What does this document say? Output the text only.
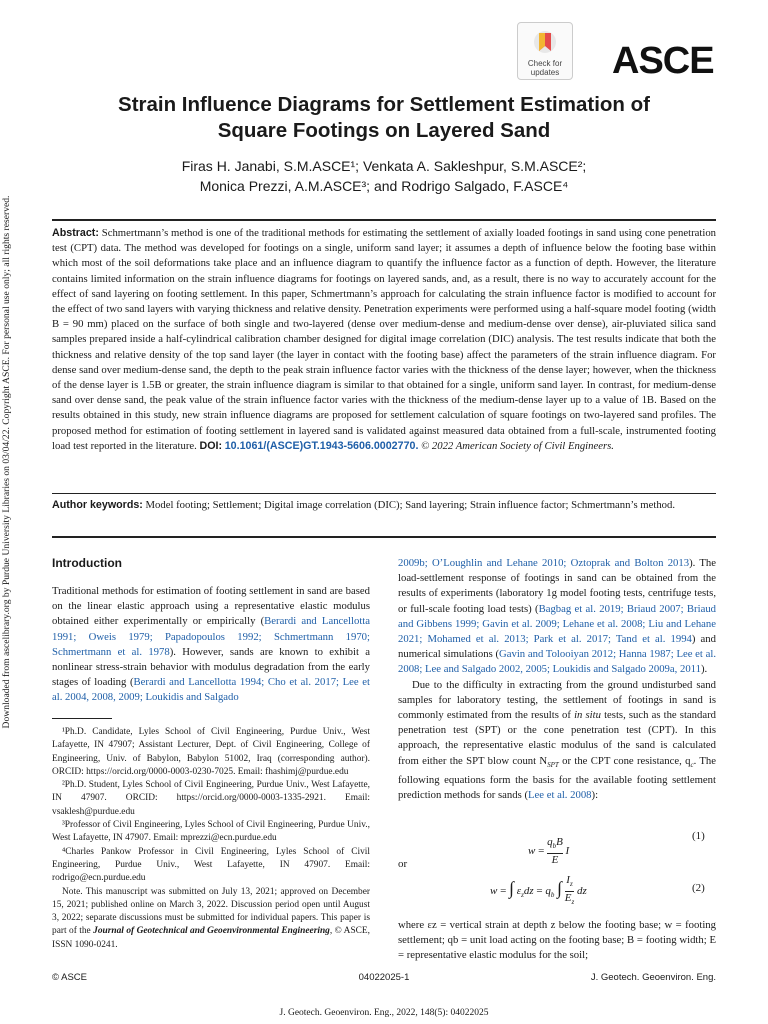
Downloaded from ascelibrary.org by Purdue University Libraries on 03/04/22. Copyright ASCE. For personal use only; all rights reserved.
Check for updates	ASCE
Strain Influence Diagrams for Settlement Estimation of Square Footings on Layered Sand
Firas H. Janabi, S.M.ASCE¹; Venkata A. Sakleshpur, S.M.ASCE²;
Monica Prezzi, A.M.ASCE³; and Rodrigo Salgado, F.ASCE⁴
Abstract: Schmertmann’s method is one of the traditional methods for estimating the settlement of axially loaded footings in sand using cone penetration test (CPT) data. The method was developed for footings on a single, uniform sand layer; it assumes a depth of influence below the footing base within which most of the soil deformations take place and an influence diagram to quantify the influence factor as a function of depth. However, the literature contains limited information on the strain influence diagrams for footings on layered sands, and, as a result, there is no way to accurately account for the effect of sand layering on footing settlement. In this paper, Schmertmann’s approach for calculating the strain influence factor is modified to account for the effect of two sand layers with varying thickness and relative density. Penetration experiments were performed using a half-square model footing (width B = 90 mm) placed on the surface of both single and two-layered (dense over medium-dense and medium-dense over dense), air-pluviated silica sand samples prepared inside a half-cylindrical calibration chamber designed for digital image correlation (DIC) analysis. The test results indicate that both the thickness and relative density of the top sand layer (the layer in contact with the footing base) affect the parameters of the strain influence diagram. For dense sand over medium-dense sand, the depth to the peak strain influence factor varies with the thickness of the dense layer; however, when the thickness of the dense layer is 1.5B or greater, the strain influence diagram is similar to that obtained for a single, uniform sand layer. In contrast, for medium-dense sand over dense sand, the peak value of the strain influence factor varies with the thickness of the medium-dense layer up to a value of 1B. Based on the results obtained in this study, new strain influence diagrams are proposed for settlement calculation of square footings on two-layered sand profiles. The proposed method for estimation of footing settlement in layered sand is validated against measured data obtained from a full-scale, instrumented footing load test reported in the literature. DOI: 10.1061/(ASCE)GT.1943-5606.0002770. © 2022 American Society of Civil Engineers.
Author keywords: Model footing; Settlement; Digital image correlation (DIC); Sand layering; Strain influence factor; Schmertmann’s method.
Introduction
Traditional methods for estimation of footing settlement in sand are based on the linear elastic approach using a representative elastic modulus obtained either experimentally or empirically (Berardi and Lancellotta 1991; Oweis 1979; Papadopoulos 1992; Schmertmann 1970; Schmertmann et al. 1978). However, sands are known to exhibit a nonlinear stress-strain behavior with modulus degradation from the early stages of loading (Berardi and Lancellotta 1994; Cho et al. 2017; Lee et al. 2004, 2008, 2009; Loukidis and Salgado

¹Ph.D. Candidate, Lyles School of Civil Engineering, Purdue Univ., West Lafayette, IN 47907; Assistant Lecturer, Dept. of Civil Engineering, College of Engineering, Univ. of Babylon, Babylon 51002, Iraq (corresponding author). ORCID: https://orcid.org/0000-0003-0230-7025. Email: fhashimj@purdue.edu

²Ph.D. Student, Lyles School of Civil Engineering, Purdue Univ., West Lafayette, IN 47907. ORCID: https://orcid.org/0000-0003-1335-2921. Email: vsaklesh@purdue.edu

³Professor of Civil Engineering, Lyles School of Civil Engineering, Purdue Univ., West Lafayette, IN 47907. Email: mprezzi@ecn.purdue.edu

⁴Charles Pankow Professor in Civil Engineering, Lyles School of Civil Engineering, Purdue Univ., West Lafayette, IN 47907. Email: rodrigo@ecn.purdue.edu

Note. This manuscript was submitted on July 13, 2021; approved on December 15, 2021; published online on March 3, 2022. Discussion period open until August 3, 2022; separate discussions must be submitted for individual papers. This paper is part of the Journal of Geotechnical and Geoenvironmental Engineering, © ASCE, ISSN 1090-0241.

2009b; O’Loughlin and Lehane 2010; Oztoprak and Bolton 2013). The load-settlement response of footings in sand can be obtained from the results of experiments (laboratory 1g model footing tests, centrifuge tests, or full-scale footing load tests) (Bagbag et al. 2019; Briaud 2007; Briaud and Gibbens 1999; Gavin et al. 2009; Lehane et al. 2008; Liu and Lehane 2021; Mohamed et al. 2013; Park et al. 2017; Tand et al. 1994) and numerical simulations (Gavin and Tolooiyan 2012; Hanna 1987; Lee et al. 2008; Lee and Salgado 2002, 2005; Loukidis and Salgado 2009a, 2011).

Due to the difficulty in extracting from the ground undisturbed sand samples for laboratory testing, the settlement of footings in sand is commonly estimated from the results of in situ tests, such as the standard penetration test (SPT) or the cone penetration test (CPT). In this approach, the representative elastic modulus of the sand is calculated from either the SPT blow count $N_{SPT}$ or the CPT cone resistance, $q_c$. The following equations form the basis for the available footing settlement prediction methods for sands (Lee et al. 2008):

w =
$q_bB$
E I
(1)
or
w = ∫ $\varepsilon_zdz = q_b$ ∫ $\frac{I_z}{E_z}$ dz	(2)
where εz = vertical strain at depth z below the footing base; w = footing settlement; qb = unit load acting on the footing base; B = footing width; E = representative elastic modulus for the soil;
© ASCE	04022025-1	J. Geotech. Geoenviron. Eng.
J. Geotech. Geoenviron. Eng., 2022, 148(5): 04022025
